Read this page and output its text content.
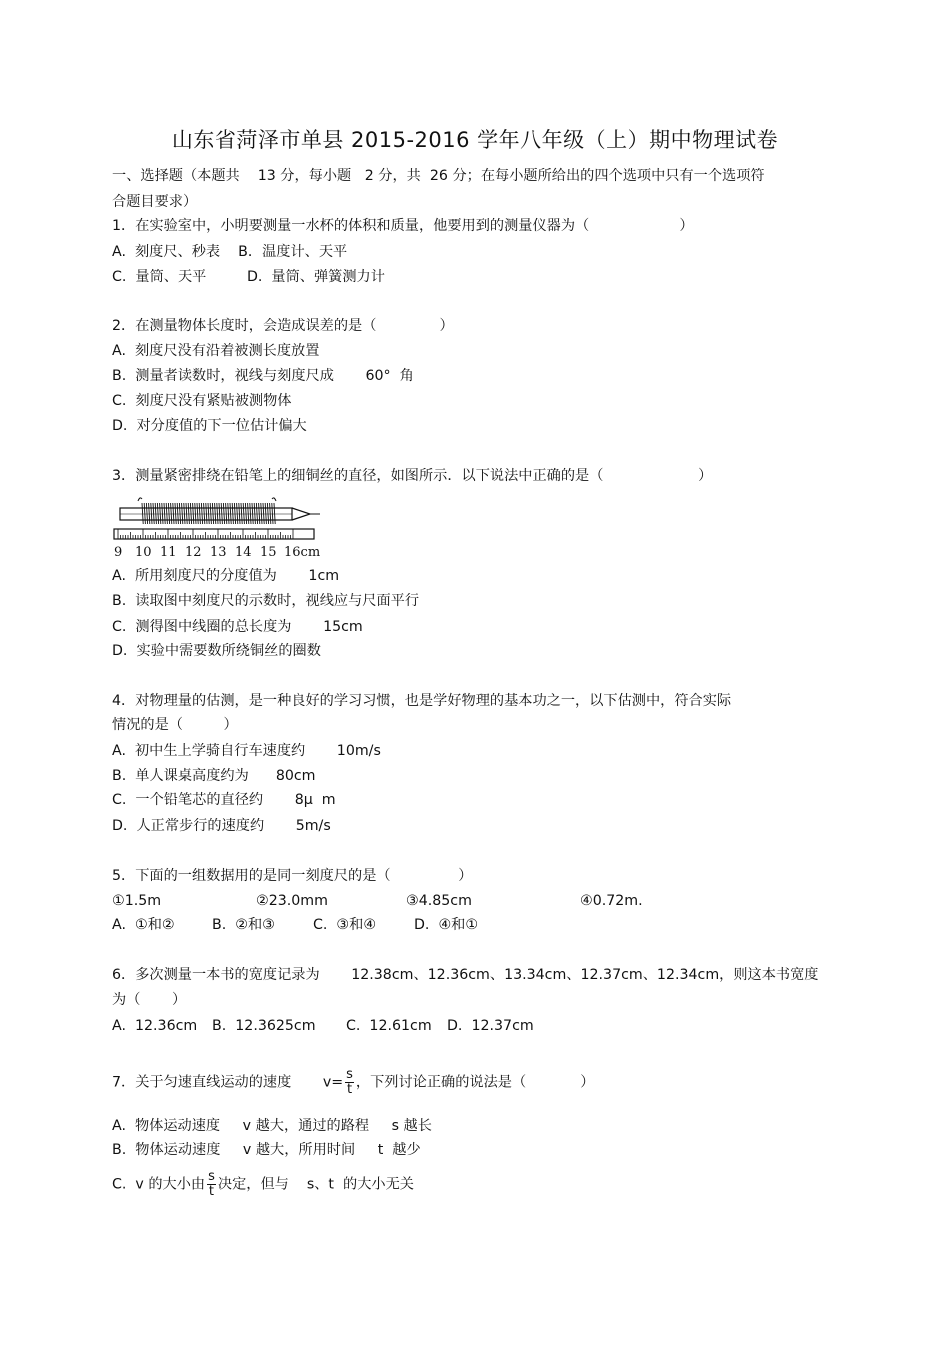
山东省菏泽市单县 2015-2016 学年八年级（上）期中物理试卷
一、选择题（本题共    13 分，每小题   2 分，共  26 分；在每小题所给出的四个选项中只有一个选项符
合题目要求）
1．在实验室中，小明要测量一水杯的体积和质量，他要用到的测量仪器为（                    ）
A.  刻度尺、秒表    B．温度计、天平
C.  量筒、天平         D.  量筒、弹簧测力计
2．在测量物体长度时，会造成误差的是（              ）
A.  刻度尺没有沿着被测长度放置
B.  测量者读数时，视线与刻度尺成       60°  角
C.  刻度尺没有紧贴被测物体
D.  对分度值的下一位估计偏大
3．测量紧密排绕在铅笔上的细铜丝的直径，如图所示．以下说法中正确的是（                     ）
9 10 11 12 13 14 15 16cm
A.  所用刻度尺的分度值为       1cm
B.  读取图中刻度尺的示数时，视线应与尺面平行
C.  测得图中线圈的总长度为       15cm
D.  实验中需要数所绕铜丝的圈数
4．对物理量的估测，是一种良好的学习习惯，也是学好物理的基本功之一，以下估测中，符合实际
情况的是（         ）
A.  初中生上学骑自行车速度约       10m/s
B.  单人课桌高度约为      80cm
C.  一个铅笔芯的直径约       8μ  m
D.  人正常步行的速度约       5m/s
5．下面的一组数据用的是同一刻度尺的是（               ）
①1.5m	②23.0mm	③4.85cm	④0.72m.
A.  ①和②	B.  ②和③	C.  ③和④	D.  ④和①
6．多次测量一本书的宽度记录为       12.38cm、12.36cm、13.34cm、12.37cm、12.34cm，则这本书宽度
为（       ）
A.  12.36cm B.  12.3625cm C.  12.61cm D.  12.37cm
7．关于匀速直线运动的速度       $v= \frac{s}{t}$ ，下列讨论正确的说法是（            ）
A.  物体运动速度     v 越大，通过的路程     s 越长
B.  物体运动速度     v 越大，所用时间     t  越少
C.  v 的大小由 $\frac{s}{t}$ 决定，但与    s、t  的大小无关
